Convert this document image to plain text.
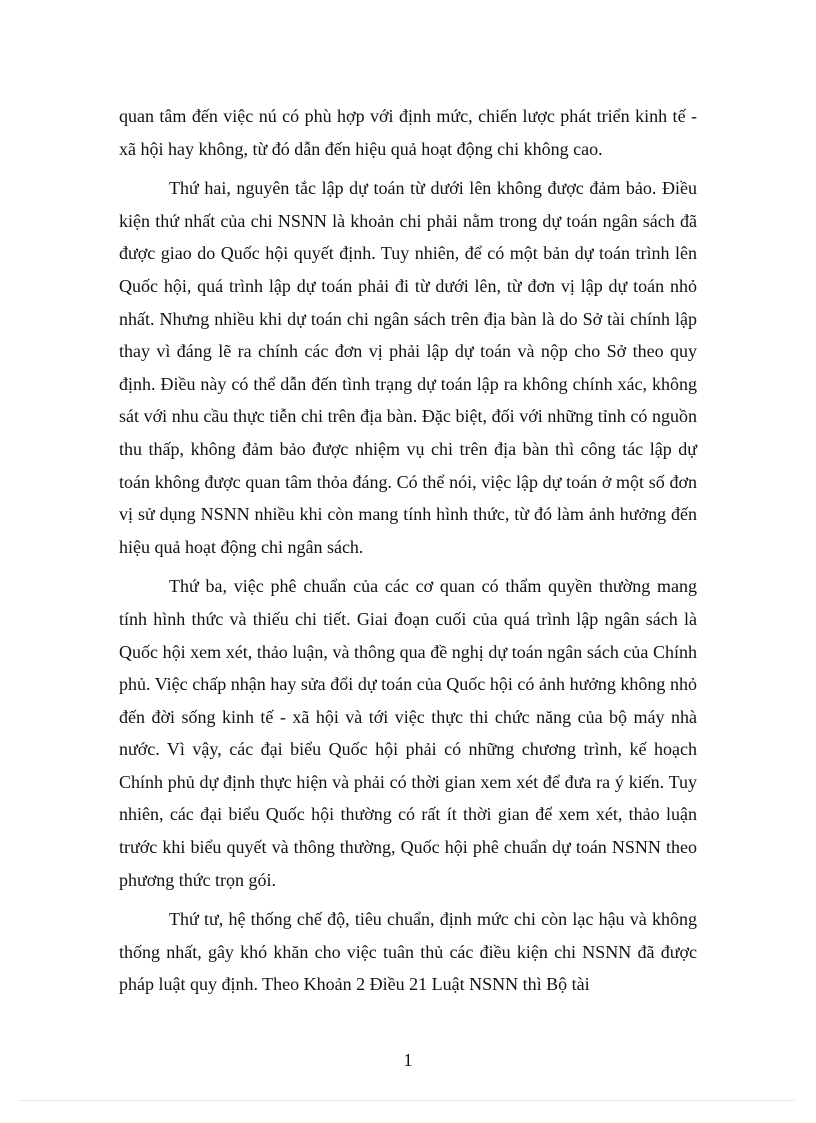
quan tâm đến việc nú có phù hợp với định mức, chiến lược phát triển kinh tế - xã hội hay không, từ đó dẫn đến hiệu quả hoạt động chi không cao.

Thứ hai, nguyên tắc lập dự toán từ dưới lên không được đảm bảo. Điều kiện thứ nhất của chi NSNN là khoản chi phải nằm trong dự toán ngân sách đã được giao do Quốc hội quyết định. Tuy nhiên, để có một bản dự toán trình lên Quốc hội, quá trình lập dự toán phải đi từ dưới lên, từ đơn vị lập dự toán nhỏ nhất. Nhưng nhiều khi dự toán chi ngân sách trên địa bàn là do Sở tài chính lập thay vì đáng lẽ ra chính các đơn vị phải lập dự toán và nộp cho Sở theo quy định. Điều này có thể dẫn đến tình trạng dự toán lập ra không chính xác, không sát với nhu cầu thực tiễn chi trên địa bàn. Đặc biệt, đối với những tỉnh có nguồn thu thấp, không đảm bảo được nhiệm vụ chi trên địa bàn thì công tác lập dự toán không được quan tâm thỏa đáng. Có thể nói, việc lập dự toán ở một số đơn vị sử dụng NSNN nhiều khi còn mang tính hình thức, từ đó làm ảnh hưởng đến hiệu quả hoạt động chi ngân sách.

Thứ ba, việc phê chuẩn của các cơ quan có thẩm quyền thường mang tính hình thức và thiếu chi tiết. Giai đoạn cuối của quá trình lập ngân sách là Quốc hội xem xét, thảo luận, và thông qua đề nghị dự toán ngân sách của Chính phủ. Việc chấp nhận hay sửa đổi dự toán của Quốc hội có ảnh hưởng không nhỏ đến đời sống kinh tế - xã hội và tới việc thực thi chức năng của bộ máy nhà nước. Vì vậy, các đại biểu Quốc hội phải có những chương trình, kế hoạch Chính phủ dự định thực hiện và phải có thời gian xem xét để đưa ra ý kiến. Tuy nhiên, các đại biểu Quốc hội thường có rất ít thời gian để xem xét, thảo luận trước khi biểu quyết và thông thường, Quốc hội phê chuẩn dự toán NSNN theo phương thức trọn gói.

Thứ tư, hệ thống chế độ, tiêu chuẩn, định mức chi còn lạc hậu và không thống nhất, gây khó khăn cho việc tuân thủ các điều kiện chi NSNN đã được pháp luật quy định. Theo Khoản 2 Điều 21 Luật NSNN thì Bộ tài

1
